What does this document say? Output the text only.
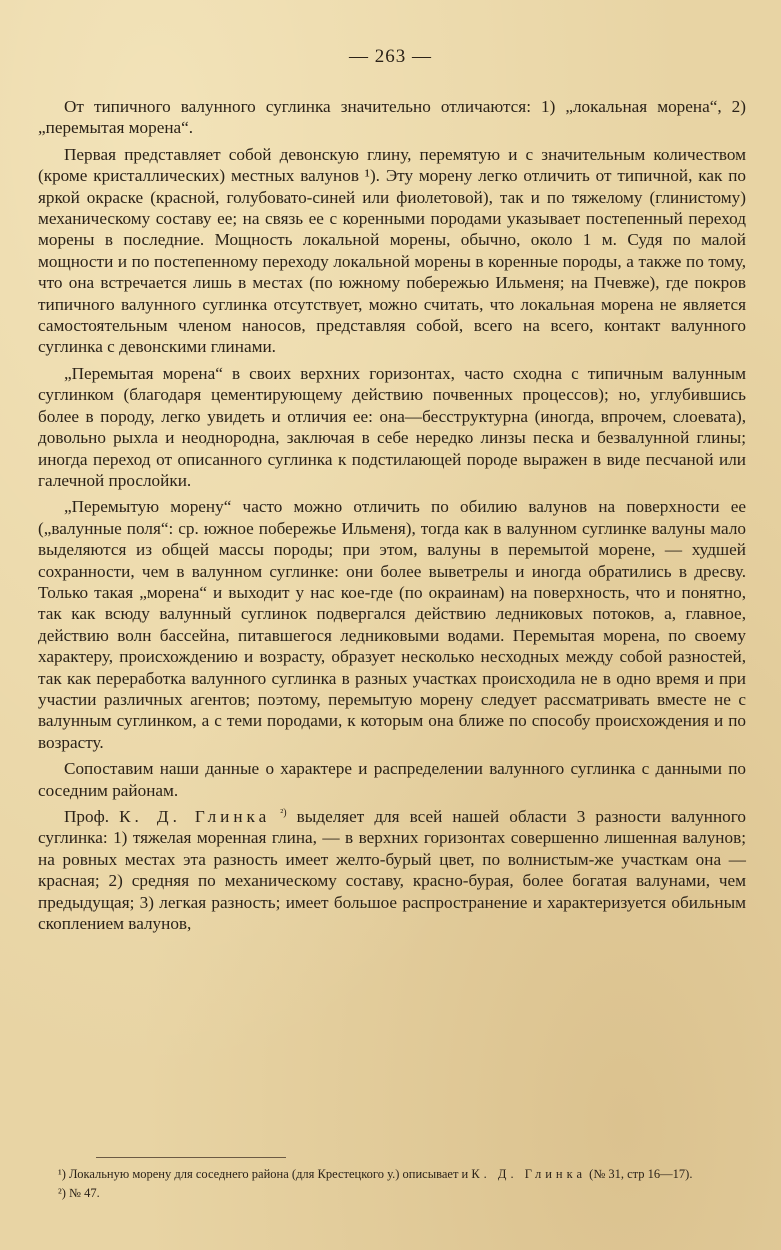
— 263 —

От типичного валунного суглинка значительно отличаются: 1) „локальная морена“, 2) „перемытая морена“.

Первая представляет собой девонскую глину, перемятую и с значительным количеством (кроме кристаллических) местных валунов ¹). Эту морену легко отличить от типичной, как по яркой окраске (красной, голубовато-синей или фиолетовой), так и по тяжелому (глинистому) механическому составу ее; на связь ее с коренными породами указывает постепенный переход морены в последние. Мощность локальной морены, обычно, около 1 м. Судя по малой мощности и по постепенному переходу локальной морены в коренные породы, а также по тому, что она встречается лишь в местах (по южному побережью Ильменя; на Пчевже), где покров типичного валунного суглинка отсутствует, можно считать, что локальная морена не является самостоятельным членом наносов, представляя собой, всего на всего, контакт валунного суглинка с девонскими глинами.

„Перемытая морена“ в своих верхних горизонтах, часто сходна с типичным валунным суглинком (благодаря цементирующему действию почвенных процессов); но, углубившись более в породу, легко увидеть и отличия ее: она—бесструктурна (иногда, впрочем, слоевата), довольно рыхла и неоднородна, заключая в себе нередко линзы песка и безвалунной глины; иногда переход от описанного суглинка к подстилающей породе выражен в виде песчаной или галечной прослойки.

„Перемытую морену“ часто можно отличить по обилию валунов на поверхности ее („валунные поля“: ср. южное побережье Ильменя), тогда как в валунном суглинке валуны мало выделяются из общей массы породы; при этом, валуны в перемытой морене, — худшей сохранности, чем в валунном суглинке: они более выветрелы и иногда обратились в дресву. Только такая „морена“ и выходит у нас кое-где (по окраинам) на поверхность, что и понятно, так как всюду валунный суглинок подвергался действию ледниковых потоков, а, главное, действию волн бассейна, питавшегося ледниковыми водами. Перемытая морена, по своему характеру, происхождению и возрасту, образует несколько несходных между собой разностей, так как переработка валунного суглинка в разных участках происходила не в одно время и при участии различных агентов; поэтому, перемытую морену следует рассматривать вместе не с валунным суглинком, а с теми породами, к которым она ближе по способу происхождения и по возрасту.

Сопоставим наши данные о характере и распределении валунного суглинка с данными по соседним районам.

Проф. К. Д. Глинка $^{^2)}$ выделяет для всей нашей области 3 разности валунного суглинка: 1) тяжелая моренная глина, — в верхних горизонтах совершенно лишенная валунов; на ровных местах эта разность имеет желто-бурый цвет, по волнистым-же участкам она — красная; 2) средняя по механическому составу, красно-бурая, более богатая валунами, чем предыдущая; 3) легкая разность; имеет большое распространение и характеризуется обильным скоплением валунов,

¹) Локальную морену для соседнего района (для Крестецкого у.) описывает и К. Д. Глинка (№ 31, стр 16—17).

²) № 47.
